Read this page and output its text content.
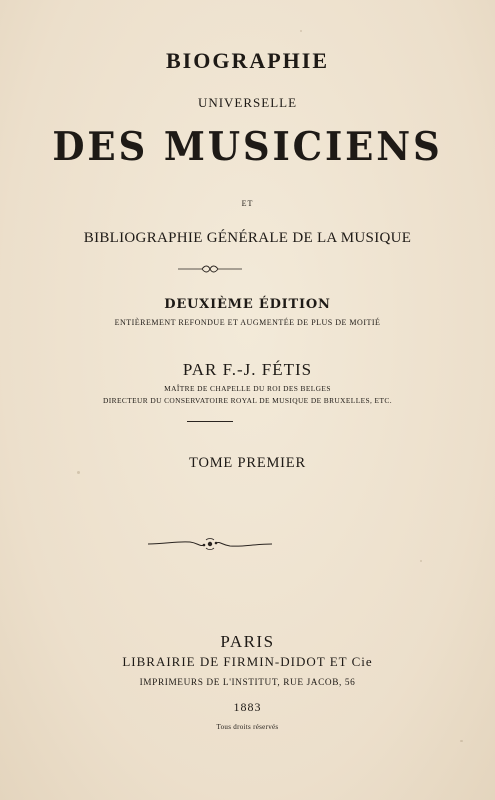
BIOGRAPHIE
UNIVERSELLE
DES MUSICIENS
ET
BIBLIOGRAPHIE GÉNÉRALE DE LA MUSIQUE
DEUXIÈME ÉDITION
ENTIÈREMENT REFONDUE ET AUGMENTÉE DE PLUS DE MOITIÉ
PAR F.-J. FÉTIS
MAÎTRE DE CHAPELLE DU ROI DES BELGES
DIRECTEUR DU CONSERVATOIRE ROYAL DE MUSIQUE DE BRUXELLES, ETC.
TOME PREMIER
PARIS
LIBRAIRIE DE FIRMIN-DIDOT ET Cie
IMPRIMEURS DE L'INSTITUT, RUE JACOB, 56
1883
Tous droits réservés
